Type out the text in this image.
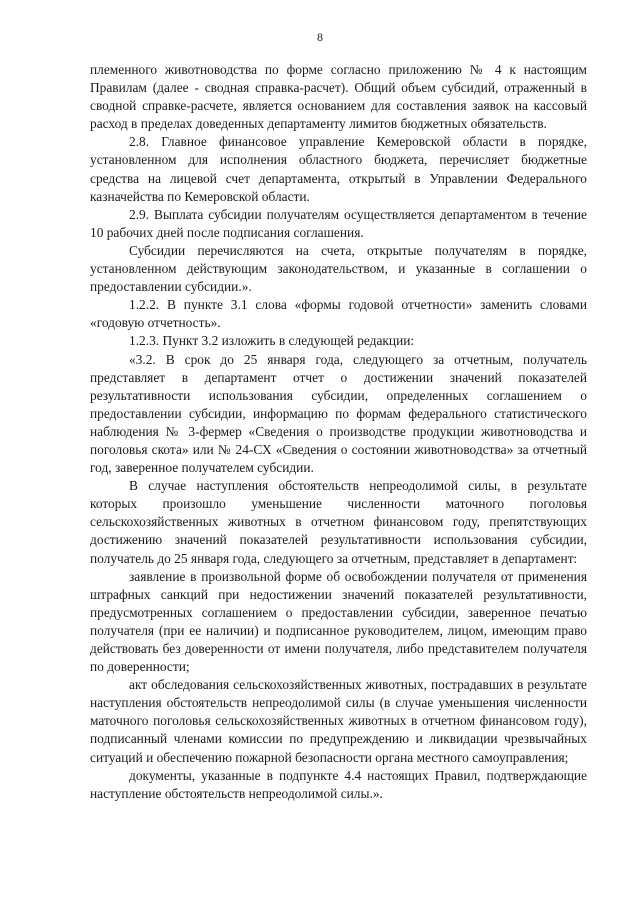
8

племенного животноводства по форме согласно приложению № 4 к настоящим Правилам (далее - сводная справка-расчет). Общий объем субсидий, отраженный в сводной справке-расчете, является основанием для составления заявок на кассовый расход в пределах доведенных департаменту лимитов бюджетных обязательств.

2.8. Главное финансовое управление Кемеровской области в порядке, установленном для исполнения областного бюджета, перечисляет бюджетные средства на лицевой счет департамента, открытый в Управлении Федерального казначейства по Кемеровской области.

2.9. Выплата субсидии получателям осуществляется департаментом в течение 10 рабочих дней после подписания соглашения.

Субсидии перечисляются на счета, открытые получателям в порядке, установленном действующим законодательством, и указанные в соглашении о предоставлении субсидии.».

1.2.2. В пункте 3.1 слова «формы годовой отчетности» заменить словами «годовую отчетность».

1.2.3. Пункт 3.2 изложить в следующей редакции:

«3.2. В срок до 25 января года, следующего за отчетным, получатель представляет в департамент отчет о достижении значений показателей результативности использования субсидии, определенных соглашением о предоставлении субсидии, информацию по формам федерального статистического наблюдения № 3-фермер «Сведения о производстве продукции животноводства и поголовья скота» или № 24-СХ «Сведения о состоянии животноводства» за отчетный год, заверенное получателем субсидии.

В случае наступления обстоятельств непреодолимой силы, в результате которых произошло уменьшение численности маточного поголовья сельскохозяйственных животных в отчетном финансовом году, препятствующих достижению значений показателей результативности использования субсидии, получатель до 25 января года, следующего за отчетным, представляет в департамент:

заявление в произвольной форме об освобождении получателя от применения штрафных санкций при недостижении значений показателей результативности, предусмотренных соглашением о предоставлении субсидии, заверенное печатью получателя (при ее наличии) и подписанное руководителем, лицом, имеющим право действовать без доверенности от имени получателя, либо представителем получателя по доверенности;

акт обследования сельскохозяйственных животных, пострадавших в результате наступления обстоятельств непреодолимой силы (в случае уменьшения численности маточного поголовья сельскохозяйственных животных в отчетном финансовом году), подписанный членами комиссии по предупреждению и ликвидации чрезвычайных ситуаций и обеспечению пожарной безопасности органа местного самоуправления;

документы, указанные в подпункте 4.4 настоящих Правил, подтверждающие наступление обстоятельств непреодолимой силы.».
